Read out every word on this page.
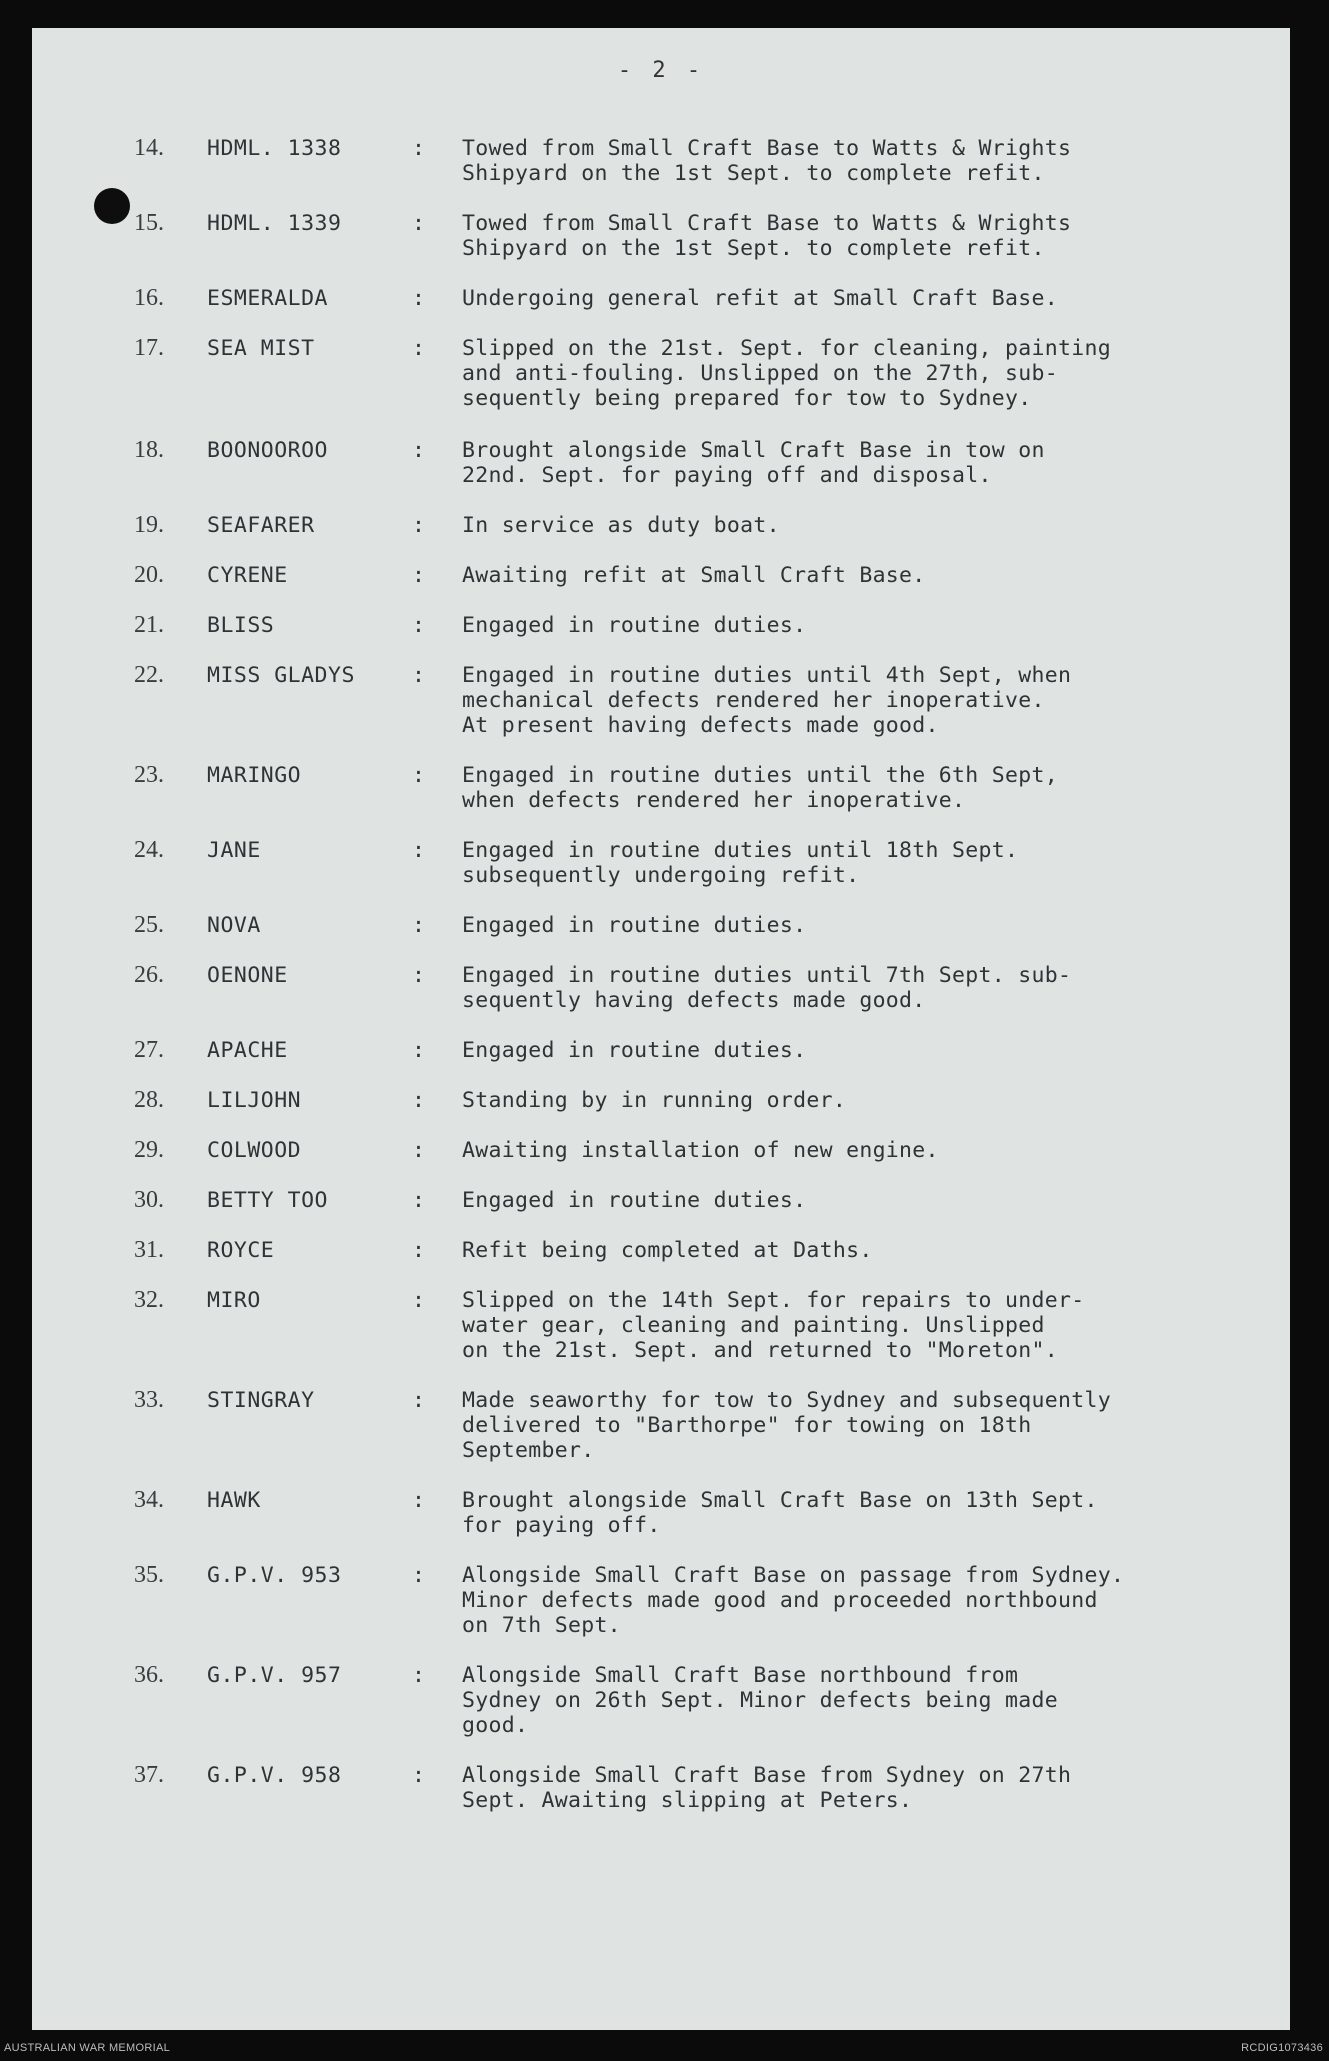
- 2 -
14. HDML. 1338	: Towed from Small Craft Base to Watts & Wrights
Shipyard on the 1st Sept. to complete refit.
15. HDML. 1339	: Towed from Small Craft Base to Watts & Wrights
Shipyard on the 1st Sept. to complete refit.
16. ESMERALDA	: Undergoing general refit at Small Craft Base.
17. SEA MIST	: Slipped on the 21st. Sept. for cleaning, painting
and anti-fouling. Unslipped on the 27th, sub-
sequently being prepared for tow to Sydney.
18. BOONOOROO	: Brought alongside Small Craft Base in tow on
22nd. Sept. for paying off and disposal.
19. SEAFARER	: In service as duty boat.
20. CYRENE	: Awaiting refit at Small Craft Base.
21. BLISS	: Engaged in routine duties.
22. MISS GLADYS	: Engaged in routine duties until 4th Sept, when
mechanical defects rendered her inoperative.
At present having defects made good.
23. MARINGO	: Engaged in routine duties until the 6th Sept,
when defects rendered her inoperative.
24. JANE	: Engaged in routine duties until 18th Sept.
subsequently undergoing refit.
25. NOVA	: Engaged in routine duties.
26. OENONE	: Engaged in routine duties until 7th Sept. sub-
sequently having defects made good.
27. APACHE	: Engaged in routine duties.
28. LILJOHN	: Standing by in running order.
29. COLWOOD	: Awaiting installation of new engine.
30. BETTY TOO	: Engaged in routine duties.
31. ROYCE	: Refit being completed at Daths.
32. MIRO	: Slipped on the 14th Sept. for repairs to under-
water gear, cleaning and painting. Unslipped
on the 21st. Sept. and returned to "Moreton".
33. STINGRAY	: Made seaworthy for tow to Sydney and subsequently
delivered to "Barthorpe" for towing on 18th
September.
34. HAWK	: Brought alongside Small Craft Base on 13th Sept.
for paying off.
35. G.P.V. 953	: Alongside Small Craft Base on passage from Sydney.
Minor defects made good and proceeded northbound
on 7th Sept.
36. G.P.V. 957	: Alongside Small Craft Base northbound from
Sydney on 26th Sept. Minor defects being made
good.
37. G.P.V. 958	: Alongside Small Craft Base from Sydney on 27th
Sept. Awaiting slipping at Peters.
AUSTRALIAN WAR MEMORIAL	RCDIG1073436
